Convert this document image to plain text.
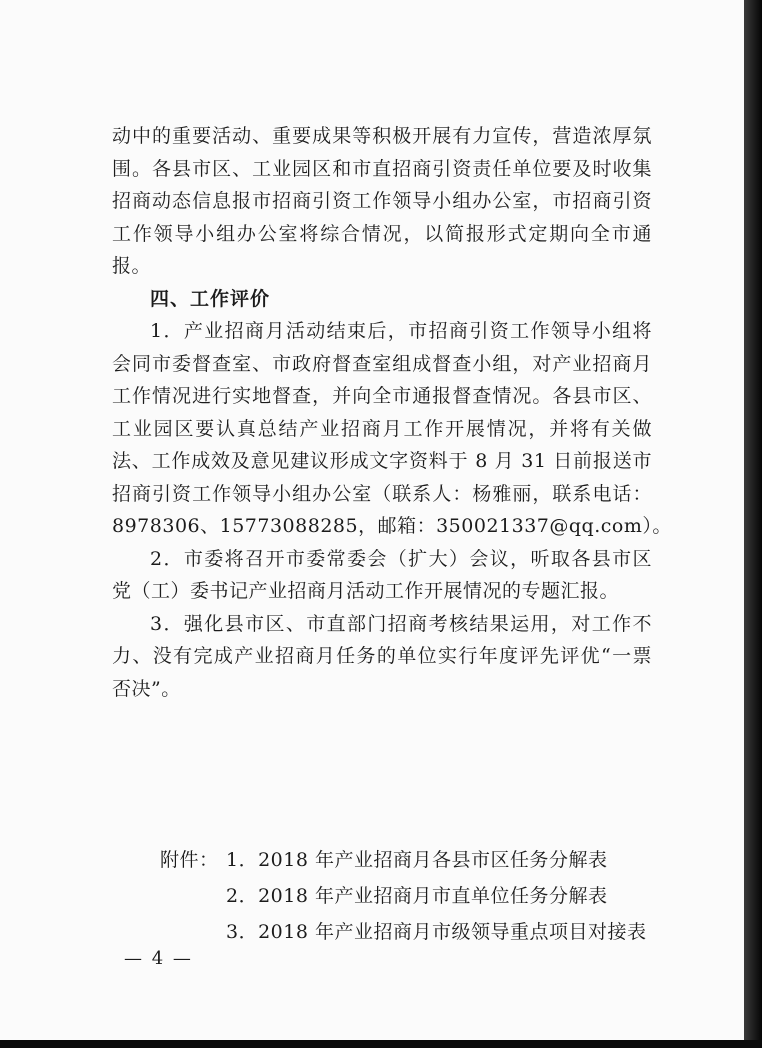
动中的重要活动、重要成果等积极开展有力宣传，营造浓厚氛
围。各县市区、工业园区和市直招商引资责任单位要及时收集
招商动态信息报市招商引资工作领导小组办公室，市招商引资
工作领导小组办公室将综合情况，以简报形式定期向全市通
报。
四、工作评价
1．产业招商月活动结束后，市招商引资工作领导小组将
会同市委督查室、市政府督查室组成督查小组，对产业招商月
工作情况进行实地督查，并向全市通报督查情况。各县市区、
工业园区要认真总结产业招商月工作开展情况，并将有关做
法、工作成效及意见建议形成文字资料于 8 月 31 日前报送市
招商引资工作领导小组办公室（联系人：杨雅丽，联系电话：
8978306、15773088285，邮箱：350021337@qq.com）。
2．市委将召开市委常委会（扩大）会议，听取各县市区
党（工）委书记产业招商月活动工作开展情况的专题汇报。
3．强化县市区、市直部门招商考核结果运用，对工作不
力、没有完成产业招商月任务的单位实行年度评先评优“一票
否决”。
附件： 1．2018 年产业招商月各县市区任务分解表
2．2018 年产业招商月市直单位任务分解表
3．2018 年产业招商月市级领导重点项目对接表
— 4 —
